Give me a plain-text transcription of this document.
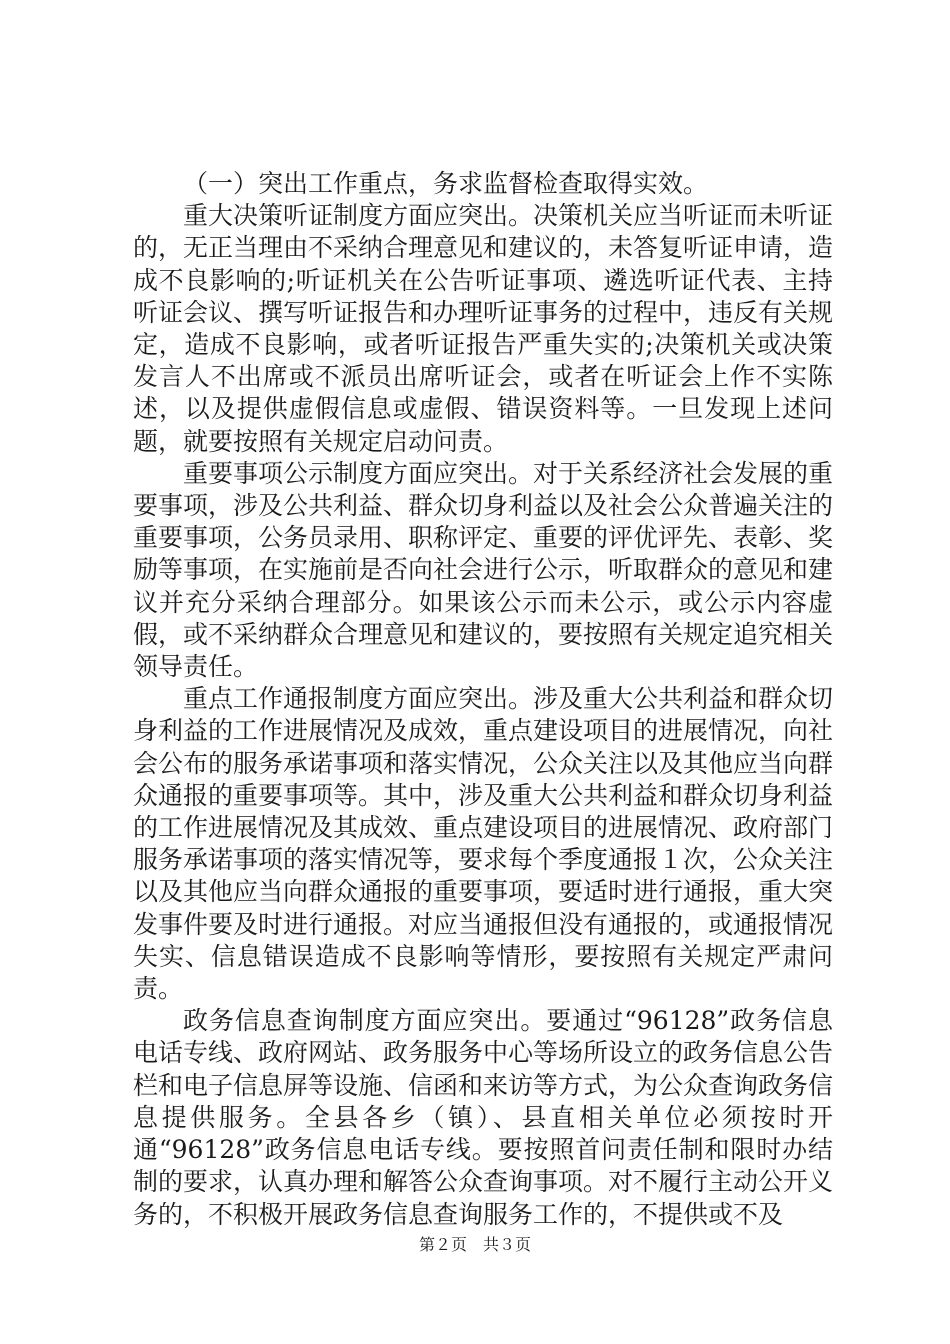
（一）突出工作重点，务求监督检查取得实效。

重大决策听证制度方面应突出。决策机关应当听证而未听证的，无正当理由不采纳合理意见和建议的，未答复听证申请，造成不良影响的;听证机关在公告听证事项、遴选听证代表、主持听证会议、撰写听证报告和办理听证事务的过程中，违反有关规定，造成不良影响，或者听证报告严重失实的;决策机关或决策发言人不出席或不派员出席听证会，或者在听证会上作不实陈述，以及提供虚假信息或虚假、错误资料等。一旦发现上述问题，就要按照有关规定启动问责。

重要事项公示制度方面应突出。对于关系经济社会发展的重要事项，涉及公共利益、群众切身利益以及社会公众普遍关注的重要事项，公务员录用、职称评定、重要的评优评先、表彰、奖励等事项，在实施前是否向社会进行公示，听取群众的意见和建议并充分采纳合理部分。如果该公示而未公示，或公示内容虚假，或不采纳群众合理意见和建议的，要按照有关规定追究相关领导责任。

重点工作通报制度方面应突出。涉及重大公共利益和群众切身利益的工作进展情况及成效，重点建设项目的进展情况，向社会公布的服务承诺事项和落实情况，公众关注以及其他应当向群众通报的重要事项等。其中，涉及重大公共利益和群众切身利益的工作进展情况及其成效、重点建设项目的进展情况、政府部门服务承诺事项的落实情况等，要求每个季度通报１次，公众关注以及其他应当向群众通报的重要事项，要适时进行通报，重大突发事件要及时进行通报。对应当通报但没有通报的，或通报情况失实、信息错误造成不良影响等情形，要按照有关规定严肃问责。

政务信息查询制度方面应突出。要通过“96128”政务信息电话专线、政府网站、政务服务中心等场所设立的政务信息公告栏和电子信息屏等设施、信函和来访等方式，为公众查询政务信息提供服务。全县各乡（镇）、县直相关单位必须按时开通“96128”政务信息电话专线。要按照首问责任制和限时办结制的要求，认真办理和解答公众查询事项。对不履行主动公开义务的，不积极开展政务信息查询服务工作的，不提供或不及

第２页　共３页
